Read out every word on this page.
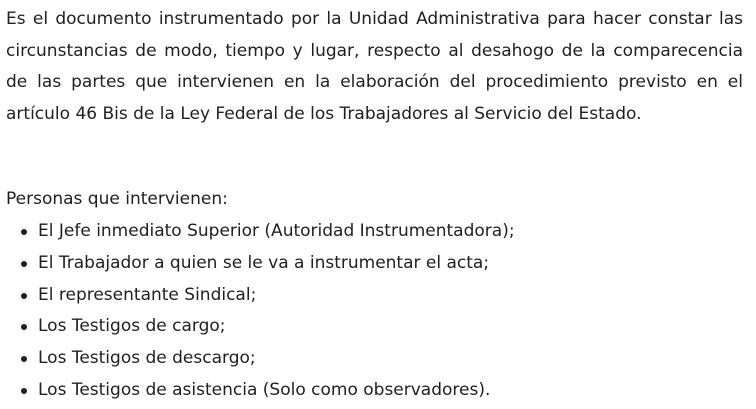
Es el documento instrumentado por la Unidad Administrativa para hacer constar las circunstancias de modo, tiempo y lugar, respecto al desahogo de la comparecencia de las partes que intervienen en la elaboración del procedimiento previsto en el artículo 46 Bis de la Ley Federal de los Trabajadores al Servicio del Estado.

Personas que intervienen:

El Jefe inmediato Superior (Autoridad Instrumentadora);
El Trabajador a quien se le va a instrumentar el acta;
El representante Sindical;
Los Testigos de cargo;
Los Testigos de descargo;
Los Testigos de asistencia (Solo como observadores).
